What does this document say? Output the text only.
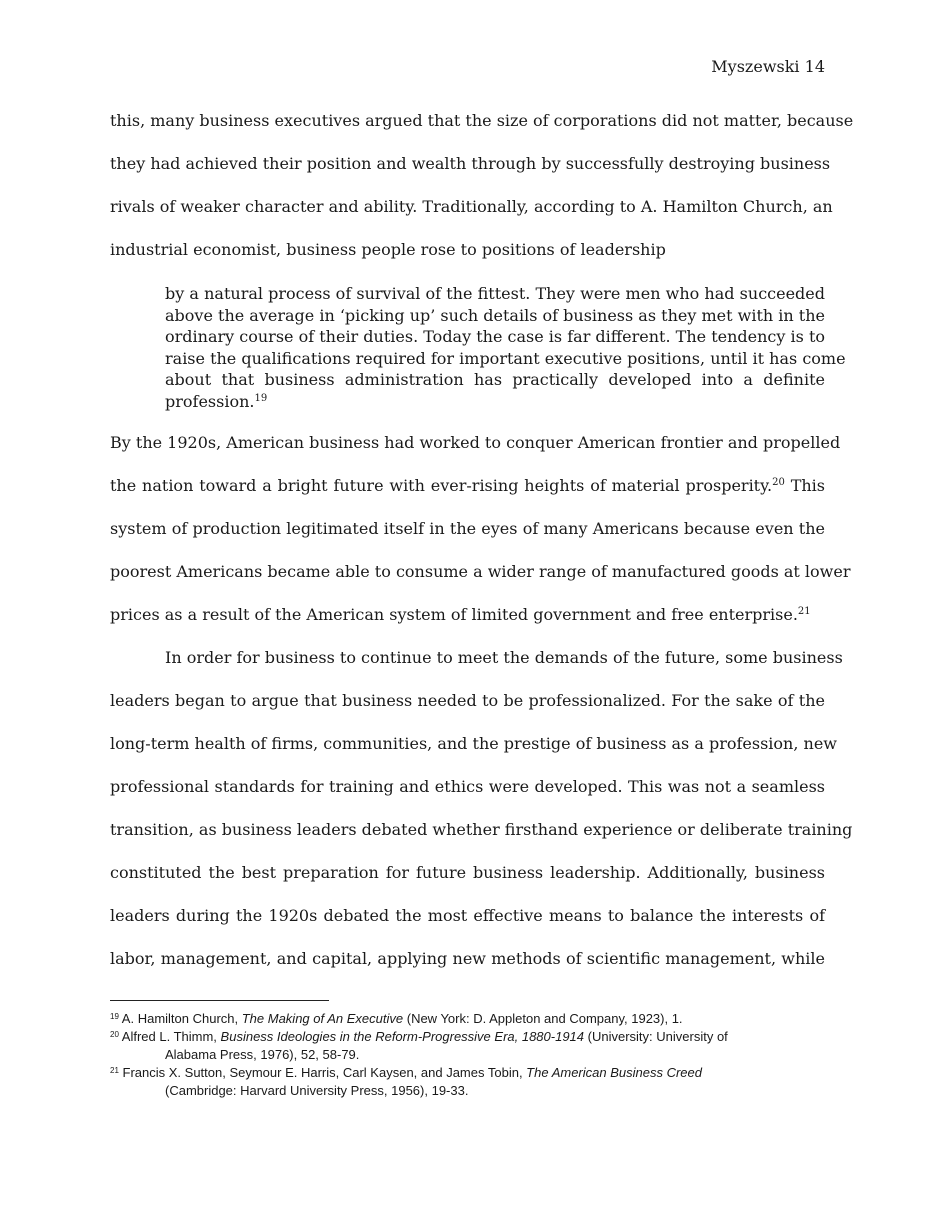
Myszewski 14
this, many business executives argued that the size of corporations did not matter, because
they had achieved their position and wealth through by successfully destroying business
rivals of weaker character and ability. Traditionally, according to A. Hamilton Church, an
industrial economist, business people rose to positions of leadership
by a natural process of survival of the fittest. They were men who had succeeded
above the average in ‘picking up’ such details of business as they met with in the
ordinary course of their duties. Today the case is far different. The tendency is to
raise the qualifications required for important executive positions, until it has come
about that business administration has practically developed into a definite
profession.$^{19}$
By the 1920s, American business had worked to conquer American frontier and propelled
the nation toward a bright future with ever-rising heights of material prosperity.$^{20}$ This
system of production legitimated itself in the eyes of many Americans because even the
poorest Americans became able to consume a wider range of manufactured goods at lower
prices as a result of the American system of limited government and free enterprise.$^{21}$
In order for business to continue to meet the demands of the future, some business
leaders began to argue that business needed to be professionalized. For the sake of the
long-term health of firms, communities, and the prestige of business as a profession, new
professional standards for training and ethics were developed. This was not a seamless
transition, as business leaders debated whether firsthand experience or deliberate training
constituted the best preparation for future business leadership. Additionally, business
leaders during the 1920s debated the most effective means to balance the interests of
labor, management, and capital, applying new methods of scientific management, while
$^{19}$ A. Hamilton Church, The Making of An Executive (New York: D. Appleton and Company, 1923), 1.
$^{20}$ Alfred L. Thimm, Business Ideologies in the Reform-Progressive Era, 1880-1914 (University: University of
Alabama Press, 1976), 52, 58-79.
$^{21}$ Francis X. Sutton, Seymour E. Harris, Carl Kaysen, and James Tobin, The American Business Creed
(Cambridge: Harvard University Press, 1956), 19-33.
